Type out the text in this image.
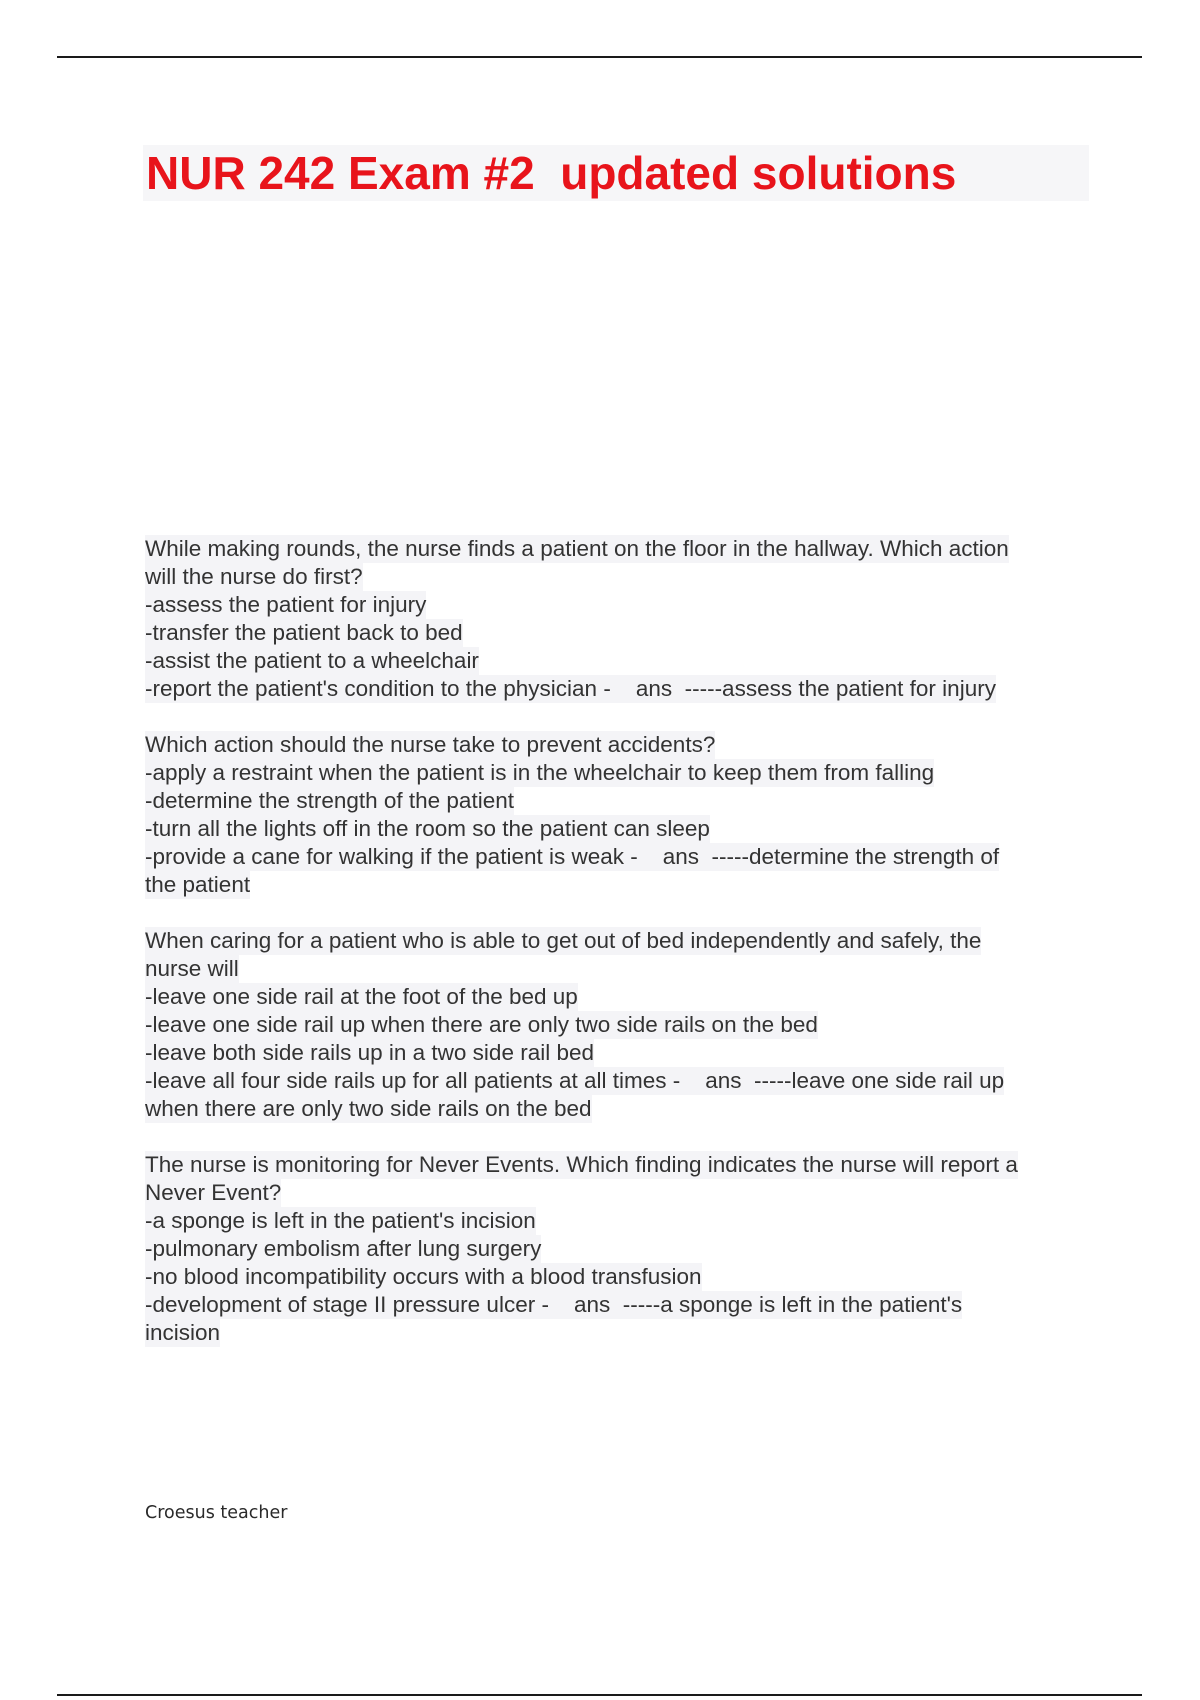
NUR 242 Exam #2  updated solutions
While making rounds, the nurse finds a patient on the floor in the hallway. Which action
will the nurse do first?
-assess the patient for injury
-transfer the patient back to bed
-assist the patient to a wheelchair
-report the patient's condition to the physician -    ans  -----assess the patient for injury
Which action should the nurse take to prevent accidents?
-apply a restraint when the patient is in the wheelchair to keep them from falling
-determine the strength of the patient
-turn all the lights off in the room so the patient can sleep
-provide a cane for walking if the patient is weak -    ans  -----determine the strength of
the patient
When caring for a patient who is able to get out of bed independently and safely, the
nurse will
-leave one side rail at the foot of the bed up
-leave one side rail up when there are only two side rails on the bed
-leave both side rails up in a two side rail bed
-leave all four side rails up for all patients at all times -    ans  -----leave one side rail up
when there are only two side rails on the bed
The nurse is monitoring for Never Events. Which finding indicates the nurse will report a
Never Event?
-a sponge is left in the patient's incision
-pulmonary embolism after lung surgery
-no blood incompatibility occurs with a blood transfusion
-development of stage II pressure ulcer -    ans  -----a sponge is left in the patient's
incision
Croesus teacher
